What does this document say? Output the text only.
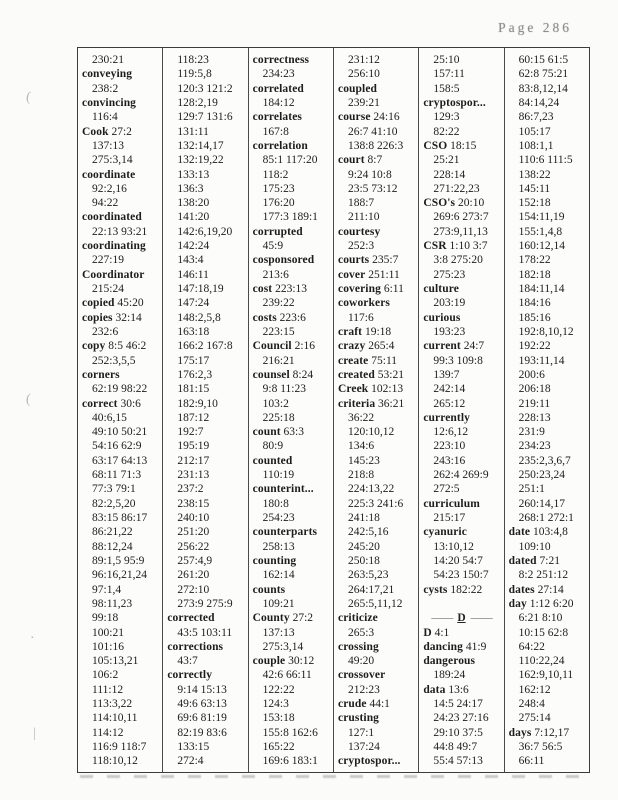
Page 286
230:21
conveying
238:2
convincing
116:4
Cook 27:2
137:13
275:3,14
coordinate
92:2,16
94:22
coordinated
22:13 93:21
coordinating
227:19
Coordinator
215:24
copied 45:20
copies 32:14
232:6
copy 8:5 46:2
252:3,5,5
corners
62:19 98:22
correct 30:6
40:6,15
49:10 50:21
54:16 62:9
63:17 64:13
68:11 71:3
77:3 79:1
82:2,5,20
83:15 86:17
86:21,22
88:12,24
89:1,5 95:9
96:16,21,24
97:1,4
98:11,23
99:18
100:21
101:16
105:13,21
106:2
111:12
113:3,22
114:10,11
114:12
116:9 118:7
118:10,12
118:23
119:5,8
120:3 121:2
128:2,19
129:7 131:6
131:11
132:14,17
132:19,22
133:13
136:3
138:20
141:20
142:6,19,20
142:24
143:4
146:11
147:18,19
147:24
148:2,5,8
163:18
166:2 167:8
175:17
176:2,3
181:15
182:9,10
187:12
192:7
195:19
212:17
231:13
237:2
238:15
240:10
251:20
256:22
257:4,9
261:20
272:10
273:9 275:9
corrected
43:5 103:11
corrections
43:7
correctly
9:14 15:13
49:6 63:13
69:6 81:19
82:19 83:6
133:15
272:4
correctness
234:23
correlated
184:12
correlates
167:8
correlation
85:1 117:20
118:2
175:23
176:20
177:3 189:1
corrupted
45:9
cosponsored
213:6
cost 223:13
239:22
costs 223:6
223:15
Council 2:16
216:21
counsel 8:24
9:8 11:23
103:2
225:18
count 63:3
80:9
counted
110:19
counterint...
180:8
254:23
counterparts
258:13
counting
162:14
counts
109:21
County 27:2
137:13
275:3,14
couple 30:12
42:6 66:11
122:22
124:3
153:18
155:8 162:6
165:22
169:6 183:1
231:12
256:10
coupled
239:21
course 24:16
26:7 41:10
138:8 226:3
court 8:7
9:24 10:8
23:5 73:12
188:7
211:10
courtesy
252:3
courts 235:7
cover 251:11
covering 6:11
coworkers
117:6
craft 19:18
crazy 265:4
create 75:11
created 53:21
Creek 102:13
criteria 36:21
36:22
120:10,12
134:6
145:23
218:8
224:13,22
225:3 241:6
241:18
242:5,16
245:20
250:18
263:5,23
264:17,21
265:5,11,12
criticize
265:3
crossing
49:20
crossover
212:23
crude 44:1
crusting
127:1
137:24
cryptospor...
25:10
157:11
158:5
cryptospor...
129:3
82:22
CSO 18:15
25:21
228:14
271:22,23
CSO's 20:10
269:6 273:7
273:9,11,13
CSR 1:10 3:7
3:8 275:20
275:23
culture
203:19
curious
193:23
current 24:7
99:3 109:8
139:7
242:14
265:12
currently
12:6,12
223:10
243:16
262:4 269:9
272:5
curriculum
215:17
cyanuric
13:10,12
14:20 54:7
54:23 150:7
cysts 182:22
—— D ——
D 4:1
dancing 41:9
dangerous
189:24
data 13:6
14:5 24:17
24:23 27:16
29:10 37:5
44:8 49:7
55:4 57:13
60:15 61:5
62:8 75:21
83:8,12,14
84:14,24
86:7,23
105:17
108:1,1
110:6 111:5
138:22
145:11
152:18
154:11,19
155:1,4,8
160:12,14
178:22
182:18
184:11,14
184:16
185:16
192:8,10,12
192:22
193:11,14
200:6
206:18
219:11
228:13
231:9
234:23
235:2,3,6,7
250:23,24
251:1
260:14,17
268:1 272:1
date 103:4,8
109:10
dated 7:21
8:2 251:12
dates 27:14
day 1:12 6:20
6:21 8:10
10:15 62:8
64:22
110:22,24
162:9,10,11
162:12
248:4
275:14
days 7:12,17
36:7 56:5
66:11
(
(
․
|
